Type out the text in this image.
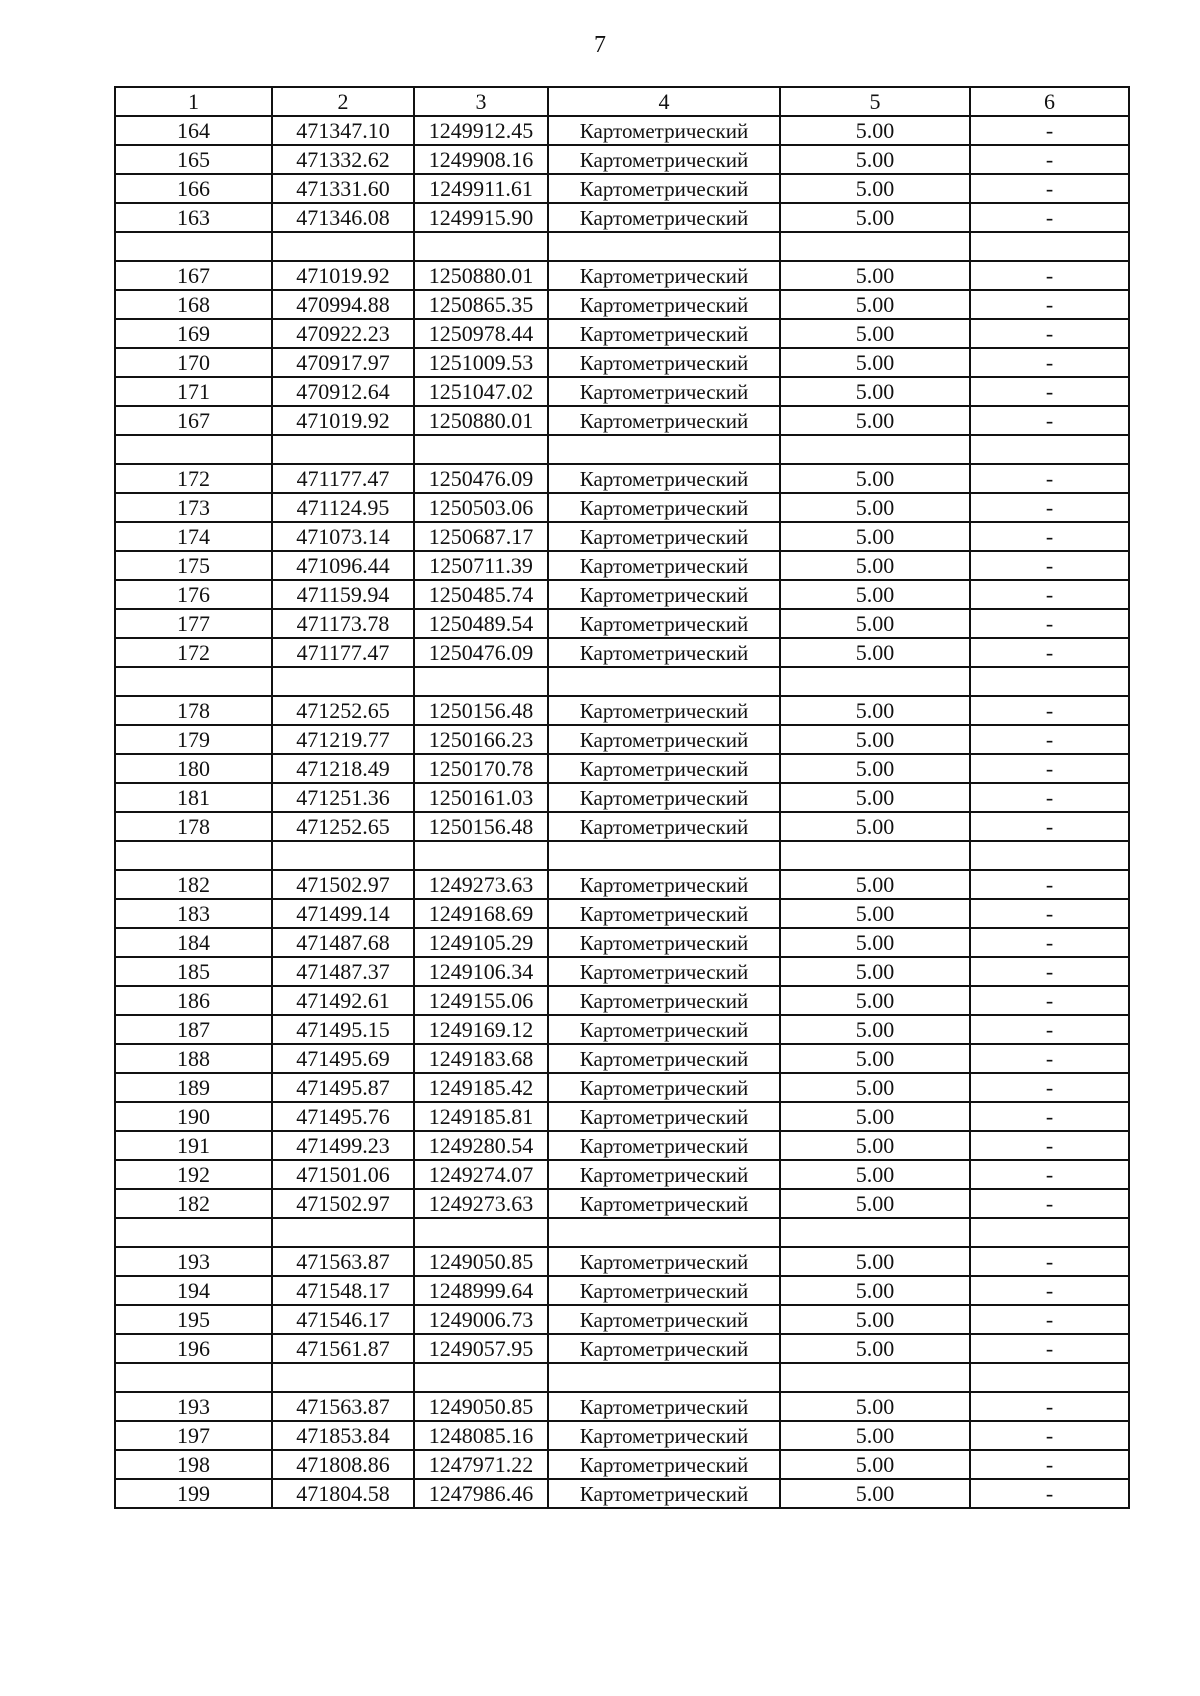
7
1	2	3	4	5	6
164	471347.10	1249912.45	Картометрический	5.00	-
165	471332.62	1249908.16	Картометрический	5.00	-
166	471331.60	1249911.61	Картометрический	5.00	-
163	471346.08	1249915.90	Картометрический	5.00	-

167	471019.92	1250880.01	Картометрический	5.00	-
168	470994.88	1250865.35	Картометрический	5.00	-
169	470922.23	1250978.44	Картометрический	5.00	-
170	470917.97	1251009.53	Картометрический	5.00	-
171	470912.64	1251047.02	Картометрический	5.00	-
167	471019.92	1250880.01	Картометрический	5.00	-

172	471177.47	1250476.09	Картометрический	5.00	-
173	471124.95	1250503.06	Картометрический	5.00	-
174	471073.14	1250687.17	Картометрический	5.00	-
175	471096.44	1250711.39	Картометрический	5.00	-
176	471159.94	1250485.74	Картометрический	5.00	-
177	471173.78	1250489.54	Картометрический	5.00	-
172	471177.47	1250476.09	Картометрический	5.00	-

178	471252.65	1250156.48	Картометрический	5.00	-
179	471219.77	1250166.23	Картометрический	5.00	-
180	471218.49	1250170.78	Картометрический	5.00	-
181	471251.36	1250161.03	Картометрический	5.00	-
178	471252.65	1250156.48	Картометрический	5.00	-

182	471502.97	1249273.63	Картометрический	5.00	-
183	471499.14	1249168.69	Картометрический	5.00	-
184	471487.68	1249105.29	Картометрический	5.00	-
185	471487.37	1249106.34	Картометрический	5.00	-
186	471492.61	1249155.06	Картометрический	5.00	-
187	471495.15	1249169.12	Картометрический	5.00	-
188	471495.69	1249183.68	Картометрический	5.00	-
189	471495.87	1249185.42	Картометрический	5.00	-
190	471495.76	1249185.81	Картометрический	5.00	-
191	471499.23	1249280.54	Картометрический	5.00	-
192	471501.06	1249274.07	Картометрический	5.00	-
182	471502.97	1249273.63	Картометрический	5.00	-

193	471563.87	1249050.85	Картометрический	5.00	-
194	471548.17	1248999.64	Картометрический	5.00	-
195	471546.17	1249006.73	Картометрический	5.00	-
196	471561.87	1249057.95	Картометрический	5.00	-

193	471563.87	1249050.85	Картометрический	5.00	-
197	471853.84	1248085.16	Картометрический	5.00	-
198	471808.86	1247971.22	Картометрический	5.00	-
199	471804.58	1247986.46	Картометрический	5.00	-
